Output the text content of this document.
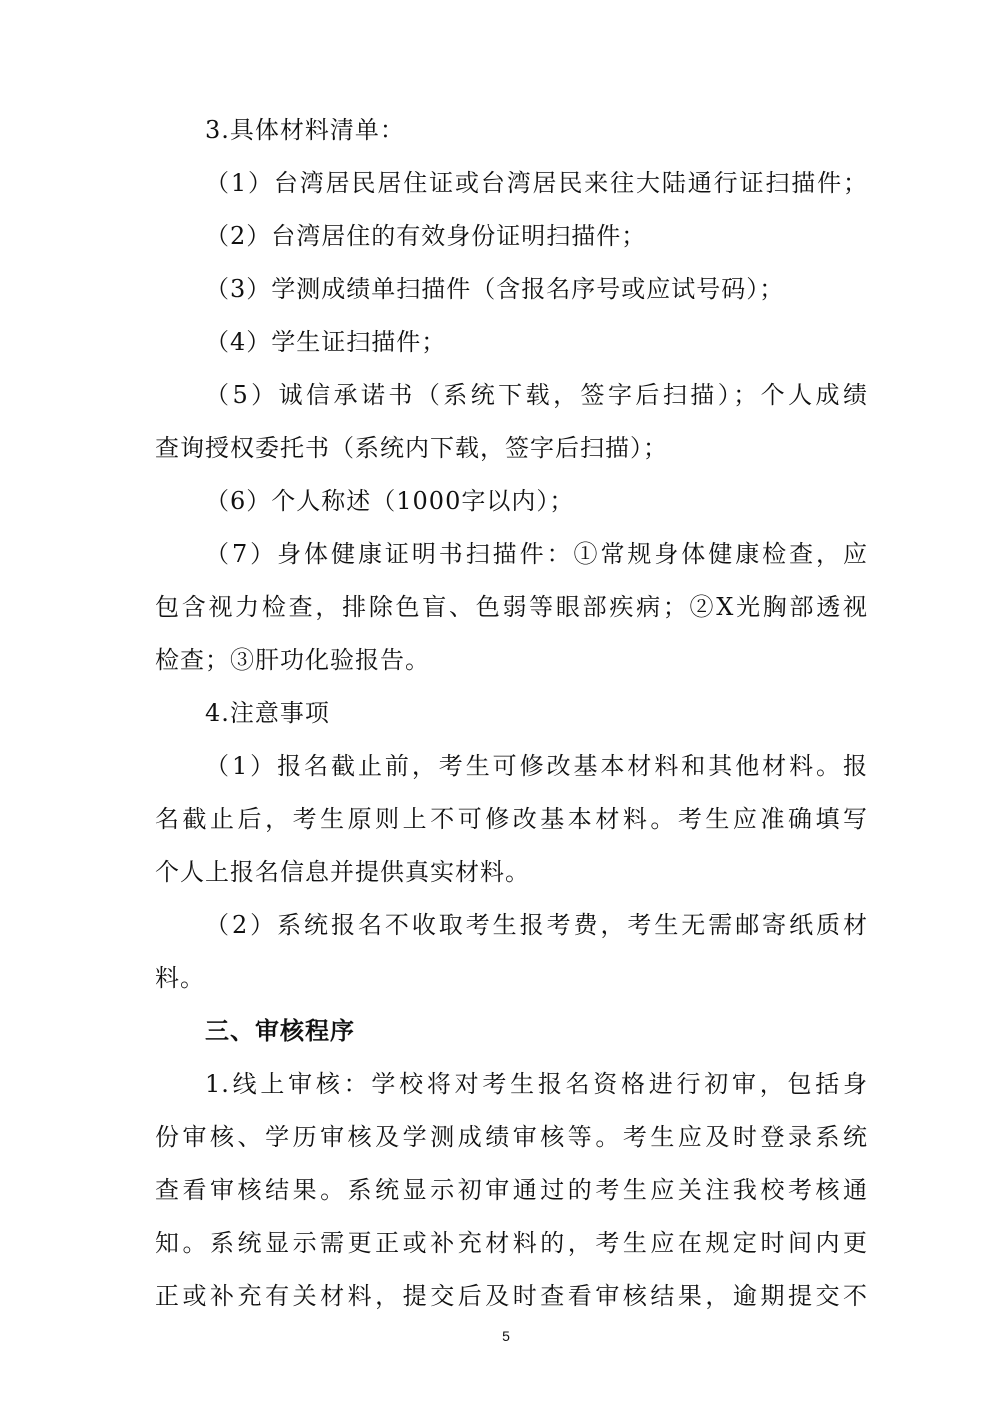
3.具体材料清单：
（1）台湾居民居住证或台湾居民来往大陆通行证扫描件；
（2）台湾居住的有效身份证明扫描件；
（3）学测成绩单扫描件（含报名序号或应试号码）；
（4）学生证扫描件；
（5）诚信承诺书（系统下载，签字后扫描）；个人成绩
查询授权委托书（系统内下载，签字后扫描）；
（6）个人称述（1000字以内）；
（7）身体健康证明书扫描件：①常规身体健康检查，应
包含视力检查，排除色盲、色弱等眼部疾病；②X光胸部透视
检查；③肝功化验报告。
4.注意事项
（1）报名截止前，考生可修改基本材料和其他材料。报
名截止后，考生原则上不可修改基本材料。考生应准确填写
个人上报名信息并提供真实材料。
（2）系统报名不收取考生报考费，考生无需邮寄纸质材
料。
三、审核程序
1.线上审核：学校将对考生报名资格进行初审，包括身
份审核、学历审核及学测成绩审核等。考生应及时登录系统
查看审核结果。系统显示初审通过的考生应关注我校考核通
知。系统显示需更正或补充材料的，考生应在规定时间内更
正或补充有关材料，提交后及时查看审核结果，逾期提交不
5
